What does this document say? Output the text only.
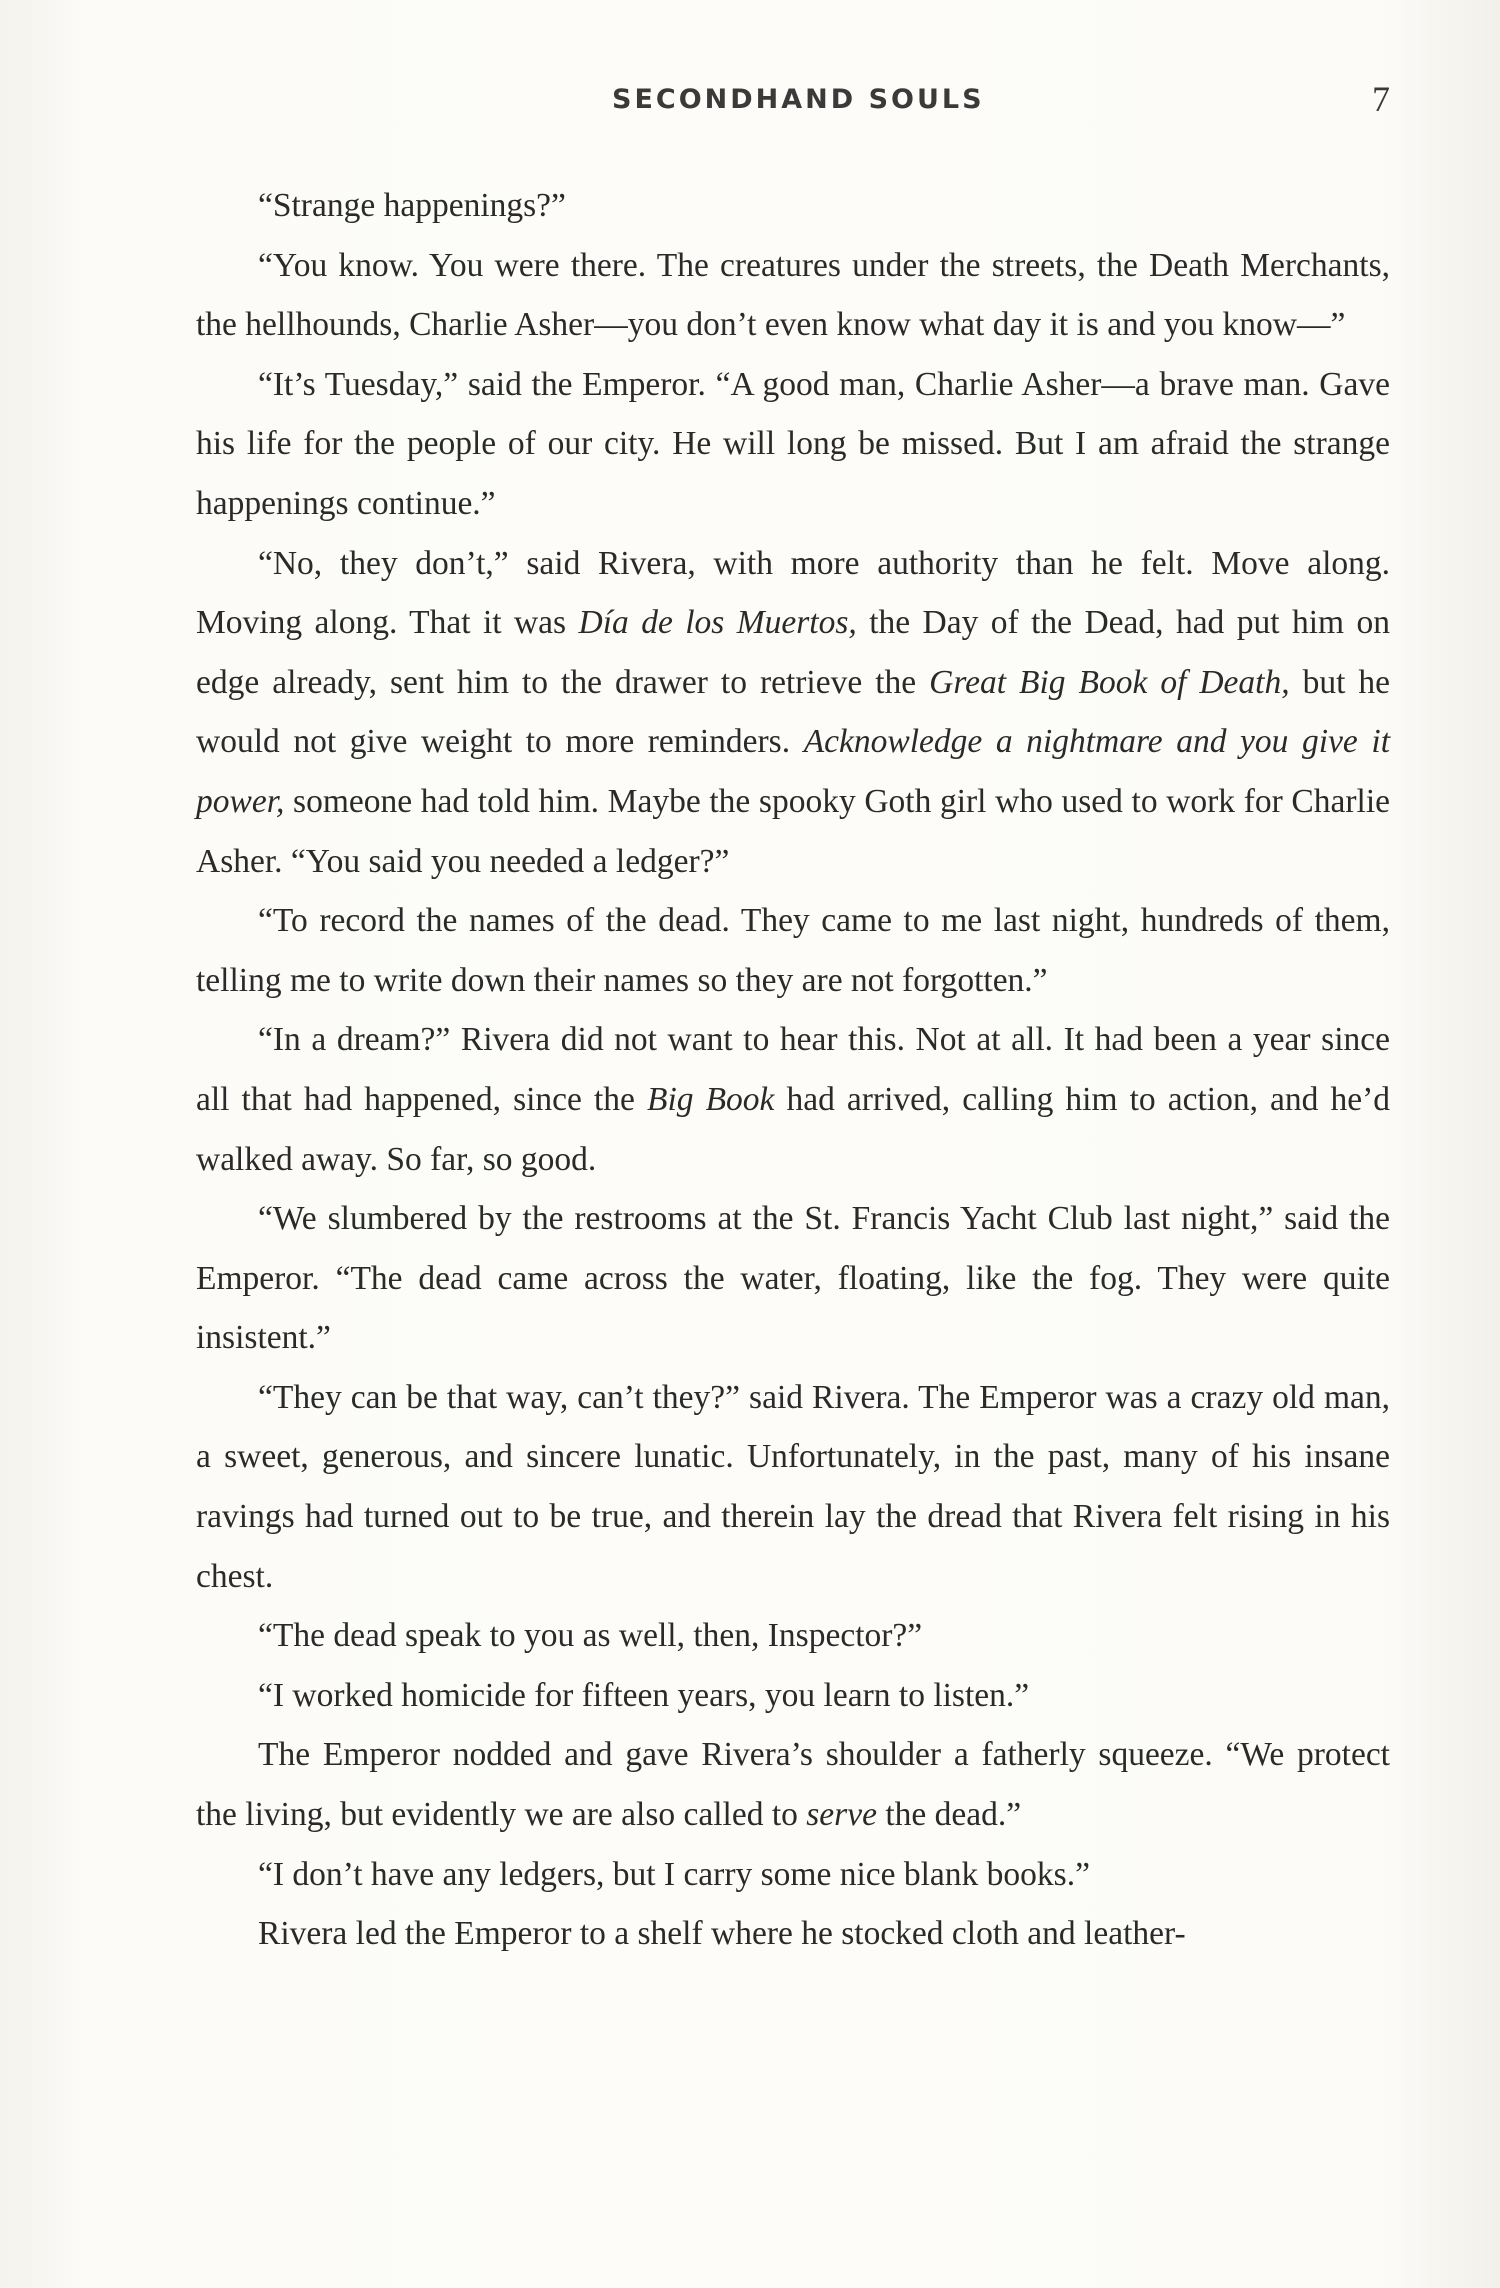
SECONDHAND SOULS	7

“Strange happenings?”

“You know. You were there. The creatures under the streets, the Death Merchants, the hellhounds, Charlie Asher—you don’t even know what day it is and you know—”

“It’s Tuesday,” said the Emperor. “A good man, Charlie Asher—a brave man. Gave his life for the people of our city. He will long be missed. But I am afraid the strange happenings continue.”

“No, they don’t,” said Rivera, with more authority than he felt. Move along. Moving along. That it was Día de los Muertos, the Day of the Dead, had put him on edge already, sent him to the drawer to retrieve the Great Big Book of Death, but he would not give weight to more reminders. Acknowledge a nightmare and you give it power, someone had told him. Maybe the spooky Goth girl who used to work for Charlie Asher. “You said you needed a ledger?”

“To record the names of the dead. They came to me last night, hundreds of them, telling me to write down their names so they are not forgotten.”

“In a dream?” Rivera did not want to hear this. Not at all. It had been a year since all that had happened, since the Big Book had arrived, calling him to action, and he’d walked away. So far, so good.

“We slumbered by the restrooms at the St. Francis Yacht Club last night,” said the Emperor. “The dead came across the water, floating, like the fog. They were quite insistent.”

“They can be that way, can’t they?” said Rivera. The Emperor was a crazy old man, a sweet, generous, and sincere lunatic. Unfortunately, in the past, many of his insane ravings had turned out to be true, and therein lay the dread that Rivera felt rising in his chest.

“The dead speak to you as well, then, Inspector?”

“I worked homicide for fifteen years, you learn to listen.”

The Emperor nodded and gave Rivera’s shoulder a fatherly squeeze. “We protect the living, but evidently we are also called to serve the dead.”

“I don’t have any ledgers, but I carry some nice blank books.”

Rivera led the Emperor to a shelf where he stocked cloth and leather-
